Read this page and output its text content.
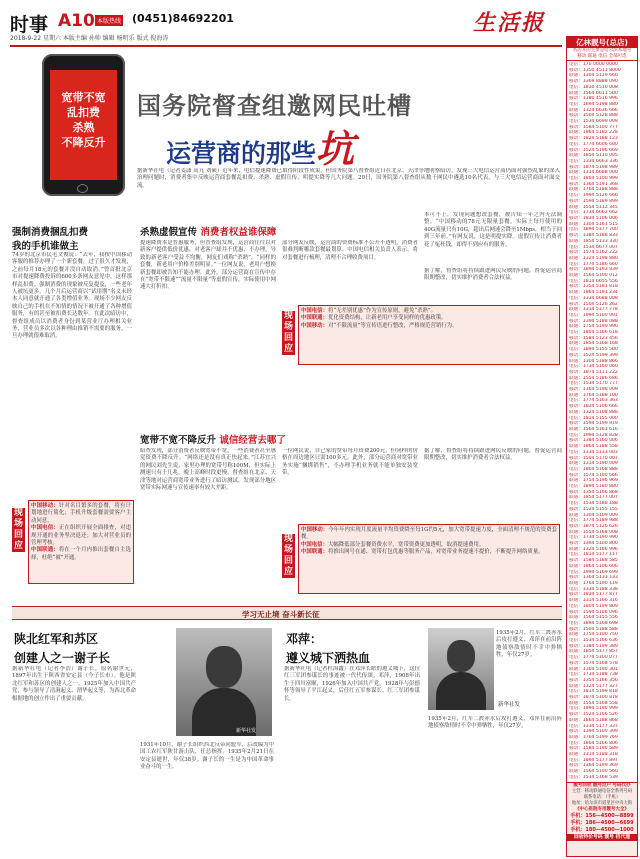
时事 A10 本版热线 (0451)84692201
2018-9-22 星期六 本版主编 孙帅 编辑 杨明乐 版式 倪海涛
生活报
宽带不宽
乱扣费
杀熟
不降反升
国务院督查组邀网民吐槽
运营商的那些坑
据新华社电（记者姜潇 高亢 刘硕）近年来，电信提速降费已取得阶段性成果。但国务院第八督查组近日在北京、天津等地明察暗访，发现三大电信运营商仍面对强烈乱象的深入治理问题时，消费者集中反映运营商套餐乱扣费、杀熟、虚假宣传、明提实降等几大问题。20日，国务院第八督查组从数千网民中遴选10名代表，与三大电信运营商面对面交流。
强制消费捆乱扣费
我的手机谁做主
74岁的北京市民毛文俊说：“去年，我按中国移动客服的推荐办理了一个新套餐，过了很久才发现，之前每月18元的套餐并没自动取消。”曾首批北京市对提速降费投诉的600多条网友意见中，这样那样乱扣费、强制消费的现象被反复提及，一些老年人被坑更多。几个月后运营商以“试用期”名义未经本人同意就开通了各类增值业务。现场不少网友反映自己的手机在不知情的情况下被开通了各种增值服务，有的甚至被扣费长达数年。在此次暗访中，督查组成员以消费者身份到某营业厅办理相关业务，营业员多次以各种理由推销不需要的服务，一旦办理就很难取消。
现
场
回
应
中国移动：针对名目繁多的套餐，将有计划地进行简化；手机升级套餐需要客户主动同意。
中国电信：正在组织开展全面排查，对违规开通的业务坚决退还；加大对营业员的管理考核。
中国联通：将在一个月内推出套餐自主选择，杜绝“被”开通。
杀熟虚假宣传 消费者权益谁保障
提速降费本是普惠服务，但普查组发现，运营商往往以对新客户提供低价优惠，对老客户却并不优惠，不办理，导致的新老客户受益不均衡，网友们戏称“杀熟”。“同样的套餐，新老用户价格差别明显。”一位网友说，老用户想换新套餐却被告知不能办理。此外，部分运营商在宣传中存在“宽带不限速”“流量不限量”等虚假宣传，实际使用中网速大打折扣。
部分网友反映，运营商的资费标准不公开不透明，消费者很难判断哪款套餐最划算。中国电信相关负责人表示，将对套餐进行梳理，清理不合理收费项目。
现
场
回
应
中国电信：将“无差别优惠”作为宣传原则，避免“杀熟”。
中国联通：优化资费结构，让新老用户享受同样的优惠政策。
中国移动：对“不限流量”等宣传语进行整改，严格规范营销行为。
本可不上，发现问题想改套餐，被告知一年之内无法调整。“中国移动的78元无限量套餐，实际上每月使用的40G流量只有10G，超出后网速会降至1Mbps，相当于回到三年前。”有网友说，这是明提实降。虚假宣传让消费者花了冤枉钱，却得不到应有的服务。
据了解，督查组将持续跟进网民反映的问题，督促运营商限期整改，切实维护消费者合法权益。
宽带不宽不降反升 诚信经营去哪了
暗查发现，部分消费者反映宽带不宽，一些消费者甚至感觉资费不降反升。“网络还是没有真正快起来。”江苏宜兴的网民刘先生说，家里办理的宽带号称100M，但实际上测速只有十几兆，晚上高峰时段更慢。督查组在北京、天津等地对运营商宽带业务进行了暗访测试，发现部分地区宽带实际网速与宣传速率有较大差距。
一位网民说，自己家的宽带每月资费200元，但同样的价格在周边地区只需100多元。此外，部分运营商对宽带业务实施“捆绑销售”，不办理手机业务就不能单独安装宽带。
据了解，督查组将持续跟进网民反映的问题，督促运营商限期整改，切实维护消费者合法权益。
现
场
回
应
中国移动：今年年内实现月度流量平均资费降至每1G约5元，加大宽带提速力度，全面清理不规范的资费套餐。
中国电信：大幅降低部分套餐资费水平，宽带资费更加透明，取消提速费用。
中国联通：将推出网号在通、宽带打包优惠等服务产品，对宽带业务提速不提价，不断提升网络质量。
学习无止境 奋斗新长征
陕北红军和苏区
创建人之一谢子长
据新华社电（记者李浩）谢子长，原名谢世元，1897年出生于陕西省安定县（今子长市）。他是陕北红军和苏区的创建人之一。1925年加入中国共产党，参与领导了清涧起义、渭华起义等，为西北革命根据地的创立作出了重要贡献。
1931年10月，谢子长组织西北反帝同盟军，后改编为中国工农红军陕甘游击队，任总指挥。1935年2月21日在安定县逝世，年仅38岁。谢子长的一生是为中国革命事业奋斗的一生。
新华社发
邓萍：
遵义城下洒热血
据新华社电（记者杜海鑫）在邓萍长眠的遵义城下，这位红三军团参谋长的事迹被一代代传颂。邓萍，1908年出生于四川富顺，1926年加入中国共产党，1928年与彭德怀等领导了平江起义，后任红五军参谋长、红三军团参谋长。
新华社发
1935年2月，红军二渡赤水后攻打遵义，邓萍在前沿阵地侦察敌情时不幸中弹牺牲，年仅27岁。
1935年2月，红军二渡赤水后攻打遵义，邓萍在前沿阵地侦察敌情时不幸中弹牺牲，年仅27岁。
亿林靓号(总店)
名店开的主要是哈尔滨本地号
移动 联通 电信 全部可选
电信：170 0000 0000
移动：1350 4511 8000
联通：1304 5119 660
移动：1369 8888 090
电信：1810 4510 008
联通：1564 6611 500
移动：1380 4516 996
电信：1894 5198 880
联通：1324 6636 666
移动：1504 5128 888
电信：1534 6699 009
移动：1584 5100 777
联通：1864 5182 228
移动：1824 5188 123
电信：1774 6606 600
移动：1524 5196 669
联通：1854 5110 005
电信：1334 6663 336
移动：1874 5198 989
联通：1314 6688 000
电信：1804 5100 999
移动：1364 5191 368
联通：1764 5188 888
电信：1994 5126 666
移动：1594 5189 899
联通：1554 5112 345
电信：1734 6662 662
移动：1834 5106 006
联通：1304 5161 515
电信：1894 5177 700
移动：1384 5188 833
联通：1854 5133 330
电信：1534 6677 007
移动：1574 5162 222
联通：1324 5198 880
电信：1774 5186 660
移动：1894 5193 939
联通：1564 5100 012
电信：1814 6655 556
移动：1354 5181 818
联通：1864 5191 234
电信：1334 6688 008
移动：1504 5126 262
联通：1314 5177 778
电信：1994 5100 001
移动：1394 5188 088
联通：1754 5199 990
电信：1804 5166 618
移动：1584 5123 456
联通：1854 5168 168
电信：1894 5155 500
移动：1524 5199 399
联通：1304 5188 866
电信：1734 5160 060
移动：1874 5111 222
联通：1554 5186 686
电信：1534 5170 777
移动：1364 5198 009
联通：1764 5188 100
电信：1774 5163 363
移动：1834 5106 666
联通：1324 5108 888
电信：1814 5155 000
移动：1594 5199 919
联通：1564 5161 616
电信：1994 5128 828
移动：1384 5160 006
联通：1864 5188 558
电信：1334 5133 003
移动：1504 5170 007
联通：1314 5190 009
电信：1804 5168 888
移动：1574 5100 666
联通：1754 5196 969
电信：1894 5180 880
移动：1354 5166 868
联通：1854 5177 007
电信：1534 5188 188
移动：1524 5155 155
联通：1304 5109 009
电信：1774 5189 988
移动：1874 5126 626
联通：1554 5168 008
电信：1734 5190 990
移动：1394 5100 800
联通：1324 5166 996
电信：1814 5177 117
移动：1584 5188 585
联通：1864 5106 606
电信：1994 5169 699
移动：1364 5133 133
联通：1764 5190 119
电信：1334 5188 338
移动：1834 5177 877
联通：1314 5166 316
电信：1804 5199 809
移动：1594 5106 096
联通：1564 5155 556
电信：1894 5168 698
移动：1504 5188 588
联通：1754 5100 750
电信：1534 5166 636
移动：1384 5199 389
联通：1854 5177 857
电信：1774 5100 077
移动：1574 5168 578
联通：1304 5190 301
电信：1734 5188 738
移动：1354 5166 356
联通：1324 5177 327
电信：1814 5199 818
移动：1874 5100 878
联通：1554 5168 558
电信：1994 5190 999
移动：1524 5166 526
联通：1864 5188 868
电信：1334 5177 337
移动：1394 5100 399
联通：1764 5199 769
电信：1804 5166 806
移动：1584 5190 589
联通：1314 5188 318
电信：1894 5177 897
移动：1364 5199 369
联通：1564 5100 560
电信：1534 5168 539
靓号回收 靓号过户 号码代办
主营：移动联通电信全系列号码
联系电话：（手机）
地址：哈尔滨市道里区中央大街
《中心医院专用靓号大全》
手机：156—4500—8899
手机：186—4500—6699
手机：180—4500—1000
回收特价号码 靓号 招代理
